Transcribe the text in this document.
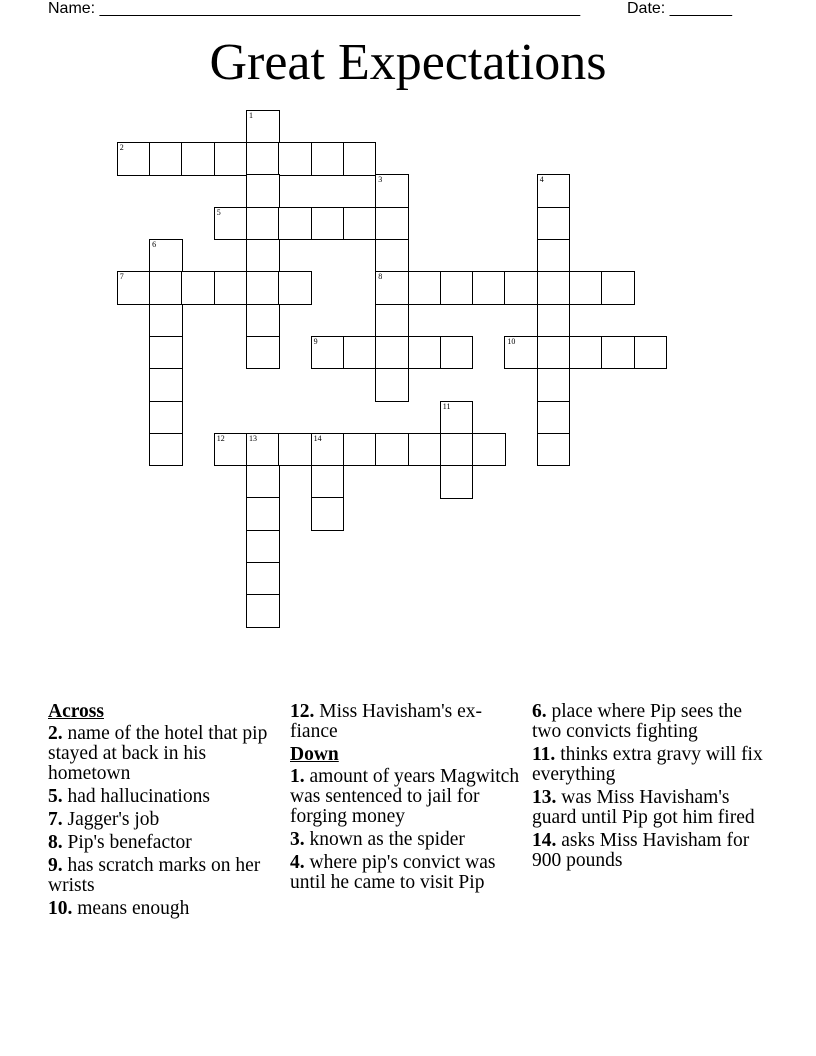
Name: ______________________________________________________	Date: _______
Great Expectations
1
2
3	4
5
6
7	8
9	10
11
12	13	14
Across
2. name of the hotel that pip stayed at back in his hometown
5. had hallucinations
7. Jagger's job
8. Pip's benefactor
9. has scratch marks on her wrists
10. means enough
12. Miss Havisham's ex-fiance
Down
1. amount of years Magwitch was sentenced to jail for forging money
3. known as the spider
4. where pip's convict was until he came to visit Pip
6. place where Pip sees the two convicts fighting
11. thinks extra gravy will fix everything
13. was Miss Havisham's guard until Pip got him fired
14. asks Miss Havisham for 900 pounds
